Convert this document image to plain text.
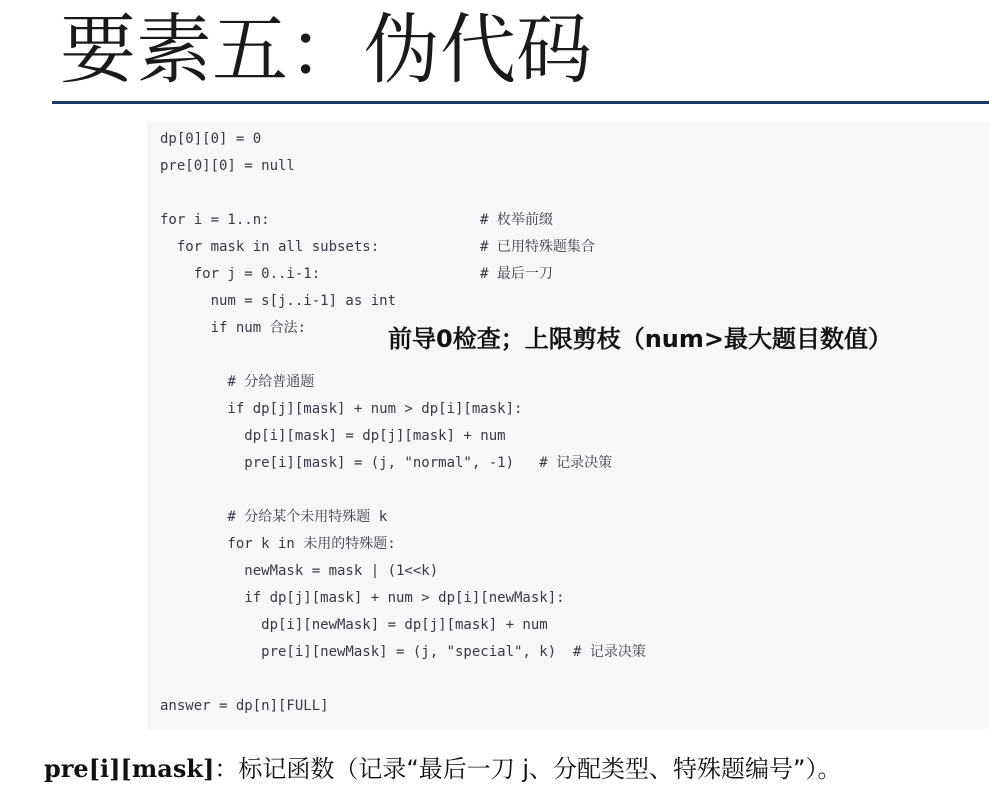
要素五：伪代码
dp[0][0] = 0
pre[0][0] = null
for i = 1..n:	# 枚举前缀
for mask in all subsets:	# 已用特殊题集合
for j = 0..i-1:	# 最后一刀
num = s[j..i-1] as int
if num 合法:
# 分给普通题
if dp[j][mask] + num > dp[i][mask]:
dp[i][mask] = dp[j][mask] + num
pre[i][mask] = (j, "normal", -1)   # 记录决策
# 分给某个未用特殊题 k
for k in 未用的特殊题:
newMask = mask | (1<<k)
if dp[j][mask] + num > dp[i][newMask]:
dp[i][newMask] = dp[j][mask] + num
pre[i][newMask] = (j, "special", k)  # 记录决策
answer = dp[n][FULL]
前导0检查；上限剪枝（num>最大题目数值）
pre[i][mask]：标记函数（记录“最后一刀 j、分配类型、特殊题编号”）。
